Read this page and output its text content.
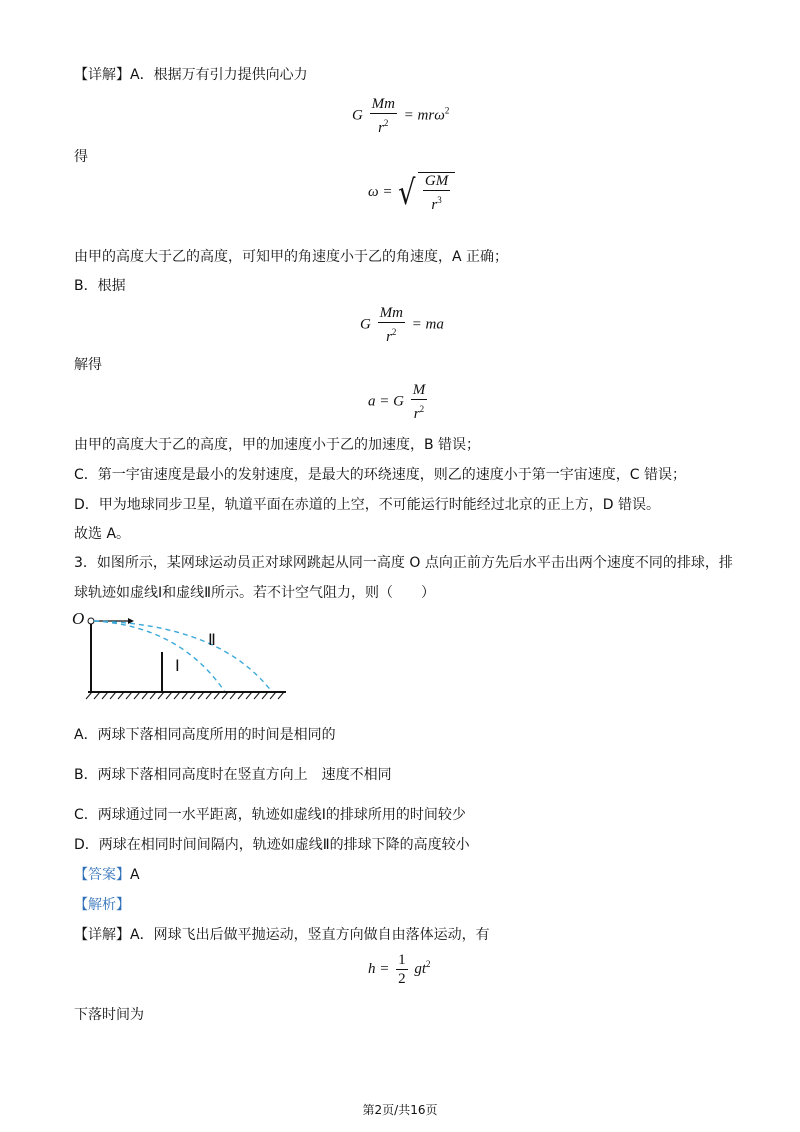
【详解】A．根据万有引力提供向心力
G $\frac{Mm}{r^2} = mr\omega^2$
得
ω = √ $\frac{GM}{r^3}$
由甲的高度大于乙的高度，可知甲的角速度小于乙的角速度，A 正确；
B．根据
G $\frac{Mm}{r^2}$ = ma
解得
a = G $\frac{M}{r^2}$
由甲的高度大于乙的高度，甲的加速度小于乙的加速度，B 错误；
C．第一宇宙速度是最小的发射速度，是最大的环绕速度，则乙的速度小于第一宇宙速度，C 错误；
D．甲为地球同步卫星，轨道平面在赤道的上空，不可能运行时能经过北京的正上方，D 错误。
故选 A。
3．如图所示，某网球运动员正对球网跳起从同一高度 O 点向正前方先后水平击出两个速度不同的排球，排
球轨迹如虚线Ⅰ和虚线Ⅱ所示。若不计空气阻力，则（　　）
O
Ⅰ
Ⅱ
A．两球下落相同高度所用的时间是相同的
B．两球下落相同高度时在竖直方向上　速度不相同
C．两球通过同一水平距离，轨迹如虚线Ⅰ的排球所用的时间较少
D．两球在相同时间间隔内，轨迹如虚线Ⅱ的排球下降的高度较小
【答案】A
【解析】
【详解】A．网球飞出后做平抛运动，竖直方向做自由落体运动，有
$h = \frac{1}{2} gt^2$
下落时间为
第2页/共16页
